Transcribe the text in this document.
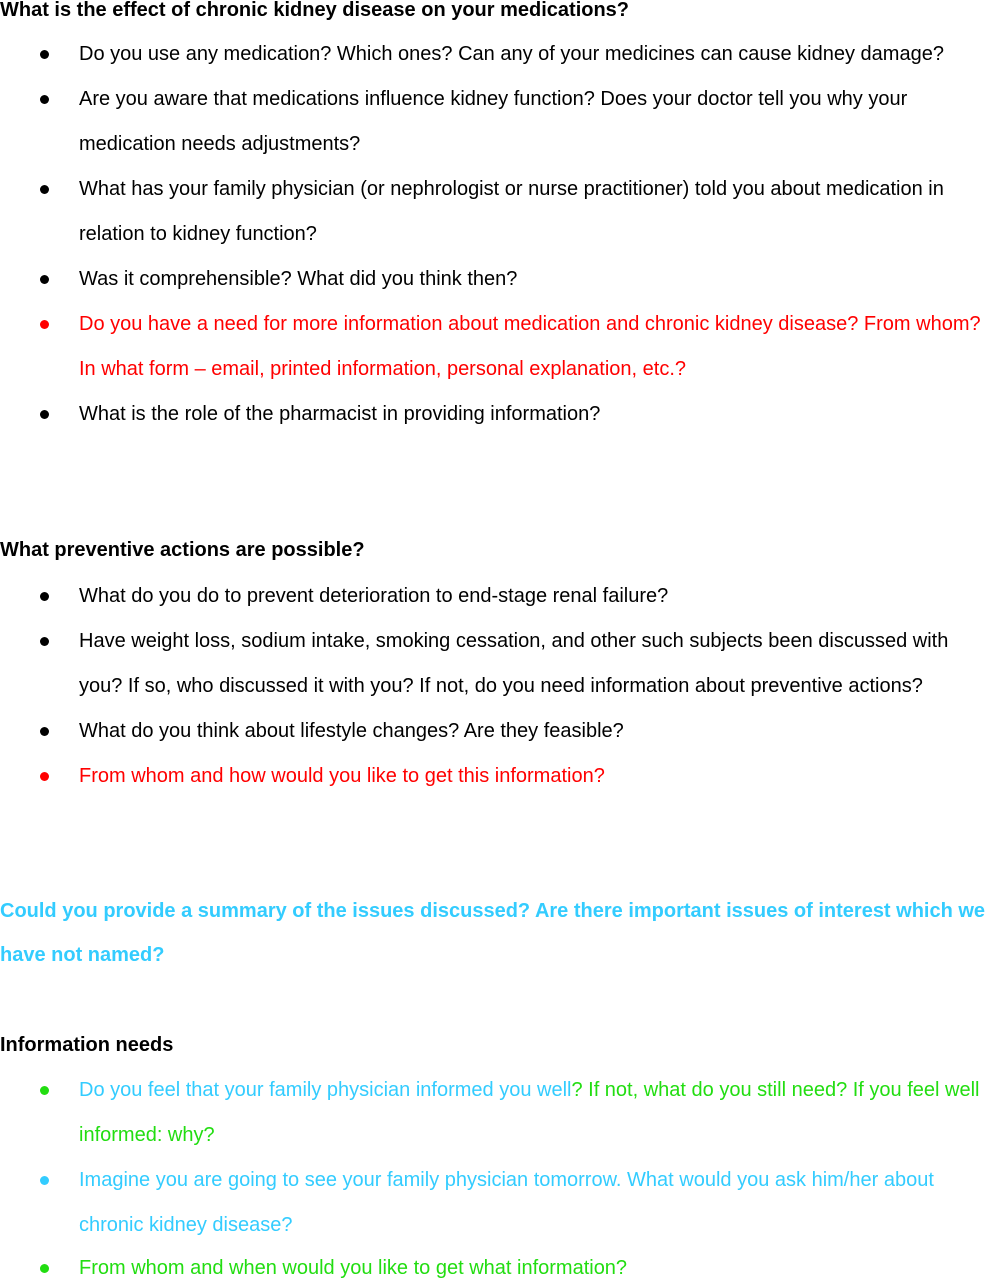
What is the effect of chronic kidney disease on your medications?
Do you use any medication? Which ones? Can any of your medicines can cause kidney damage?
Are you aware that medications influence kidney function? Does your doctor tell you why your medication needs adjustments?
What has your family physician (or nephrologist or nurse practitioner) told you about medication in relation to kidney function?
Was it comprehensible? What did you think then?
Do you have a need for more information about medication and chronic kidney disease? From whom? In what form – email, printed information, personal explanation, etc.?
What is the role of the pharmacist in providing information?
What preventive actions are possible?
What do you do to prevent deterioration to end-stage renal failure?
Have weight loss, sodium intake, smoking cessation, and other such subjects been discussed with you? If so, who discussed it with you? If not, do you need information about preventive actions?
What do you think about lifestyle changes? Are they feasible?
From whom and how would you like to get this information?

Could you provide a summary of the issues discussed? Are there important issues of interest which we have not named?

Information needs
Do you feel that your family physician informed you well? If not, what do you still need? If you feel well informed: why?
Imagine you are going to see your family physician tomorrow. What would you ask him/her about chronic kidney disease?
From whom and when would you like to get what information?
